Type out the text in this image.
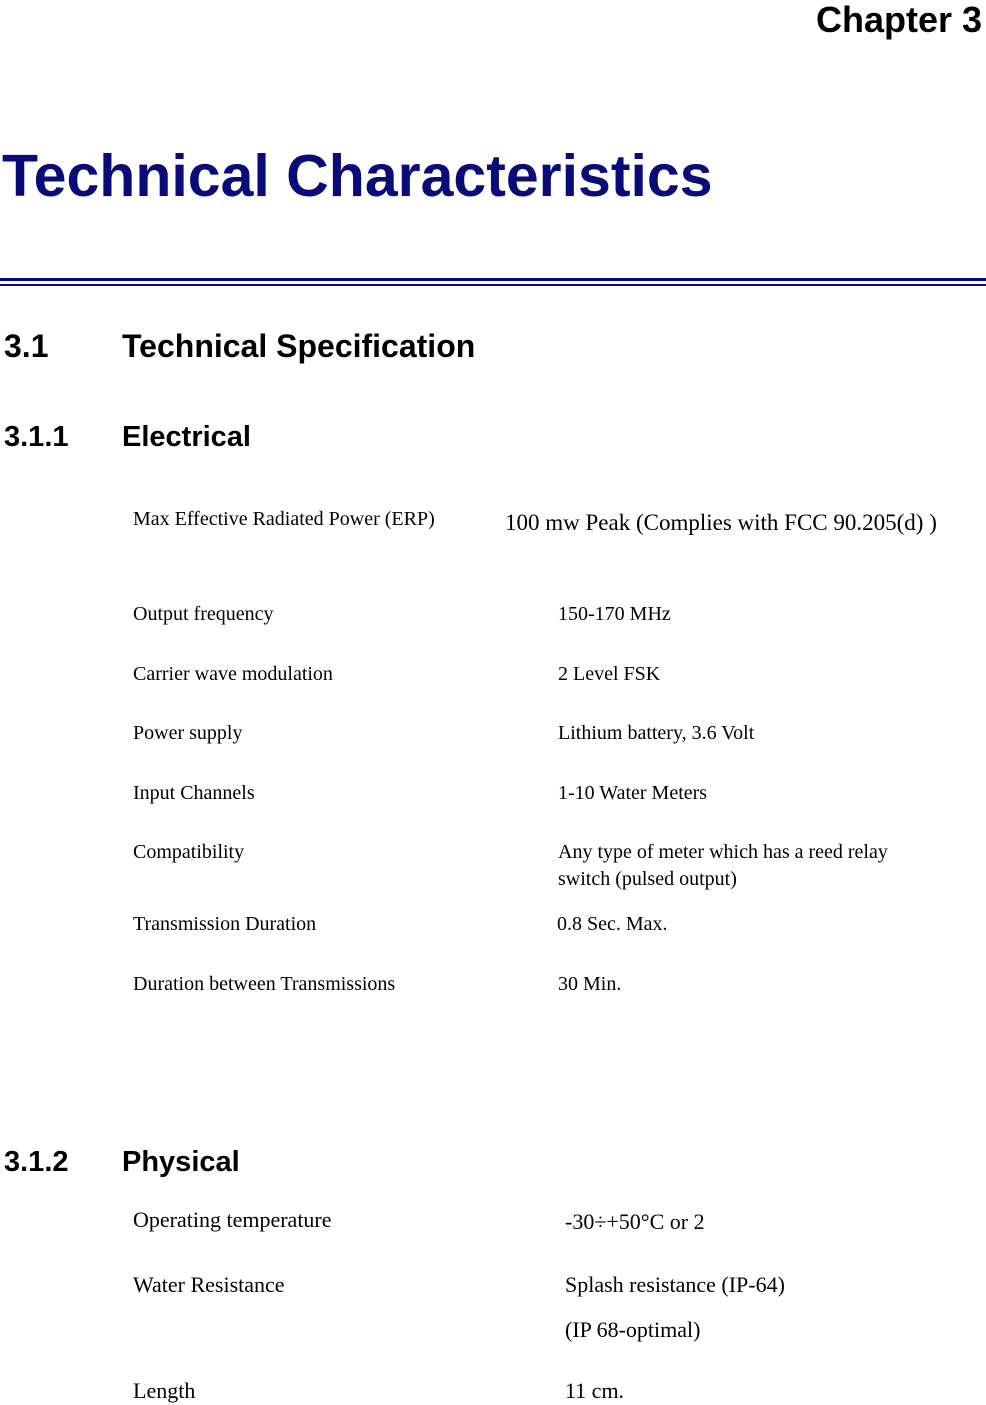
Chapter 3
Technical Characteristics
3.1 Technical Specification
3.1.1 Electrical
Max Effective Radiated Power (ERP)	100 mw Peak (Complies with FCC 90.205(d) )
Output frequency	150-170 MHz
Carrier wave modulation	2 Level FSK
Power supply	Lithium battery, 3.6 Volt
Input Channels	1-10 Water Meters
Compatibility	Any type of meter which has a reed relay
switch (pulsed output)
Transmission Duration	0.8 Sec. Max.
Duration between Transmissions	30 Min.
3.1.2 Physical
Operating temperature	-30÷+50°C or 2
Water Resistance	Splash resistance (IP-64)
(IP 68-optimal)
Length	11 cm.
